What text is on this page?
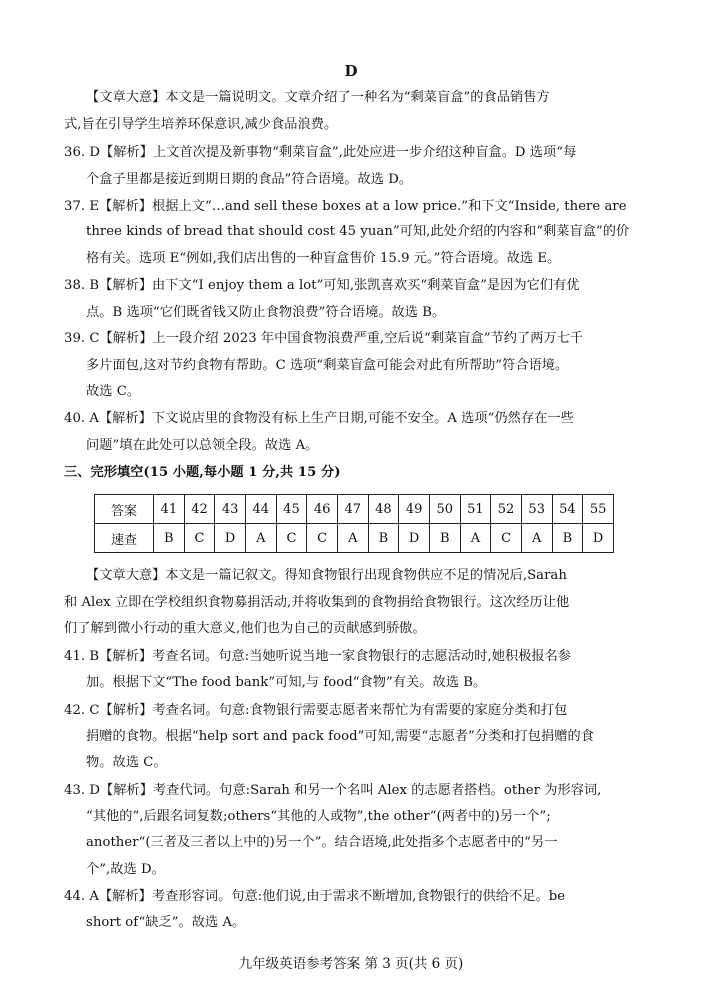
D
【文章大意】本文是一篇说明文。文章介绍了一种名为“剩菜盲盒”的食品销售方
式,旨在引导学生培养环保意识,减少食品浪费。
36. D【解析】上文首次提及新事物“剩菜盲盒”,此处应进一步介绍这种盲盒。D 选项“每
个盒子里都是接近到期日期的食品”符合语境。故选 D。
37. E【解析】根据上文“…and sell these boxes at a low price.”和下文“Inside, there are
three kinds of bread that should cost 45 yuan”可知,此处介绍的内容和“剩菜盲盒”的价
格有关。选项 E“例如,我们店出售的一种盲盒售价 15.9 元。”符合语境。故选 E。
38. B【解析】由下文“I enjoy them a lot”可知,张凯喜欢买“剩菜盲盒”是因为它们有优
点。B 选项“它们既省钱又防止食物浪费”符合语境。故选 B。
39. C【解析】上一段介绍 2023 年中国食物浪费严重,空后说“剩菜盲盒”节约了两万七千
多片面包,这对节约食物有帮助。C 选项“剩菜盲盒可能会对此有所帮助”符合语境。
故选 C。
40. A【解析】下文说店里的食物没有标上生产日期,可能不安全。A 选项“仍然存在一些
问题”填在此处可以总领全段。故选 A。
三、完形填空(15 小题,每小题 1 分,共 15 分)
答案	41	42	43	44	45	46	47	48	49	50	51	52	53	54	55
速查	B	C	D	A	C	C	A	B	D	B	A	C	A	B	D
【文章大意】本文是一篇记叙文。得知食物银行出现食物供应不足的情况后,Sarah
和 Alex 立即在学校组织食物募捐活动,并将收集到的食物捐给食物银行。这次经历让他
们了解到微小行动的重大意义,他们也为自己的贡献感到骄傲。
41. B【解析】考查名词。句意:当她听说当地一家食物银行的志愿活动时,她积极报名参
加。根据下文“The food bank”可知,与 food“食物”有关。故选 B。
42. C【解析】考查名词。句意:食物银行需要志愿者来帮忙为有需要的家庭分类和打包
捐赠的食物。根据“help sort and pack food”可知,需要“志愿者”分类和打包捐赠的食
物。故选 C。
43. D【解析】考查代词。句意:Sarah 和另一个名叫 Alex 的志愿者搭档。other 为形容词,
“其他的”,后跟名词复数;others“其他的人或物”,the other“(两者中的)另一个”;
another“(三者及三者以上中的)另一个”。结合语境,此处指多个志愿者中的“另一
个”,故选 D。
44. A【解析】考查形容词。句意:他们说,由于需求不断增加,食物银行的供给不足。be
short of“缺乏”。故选 A。
九年级英语参考答案 第 3 页(共 6 页)
